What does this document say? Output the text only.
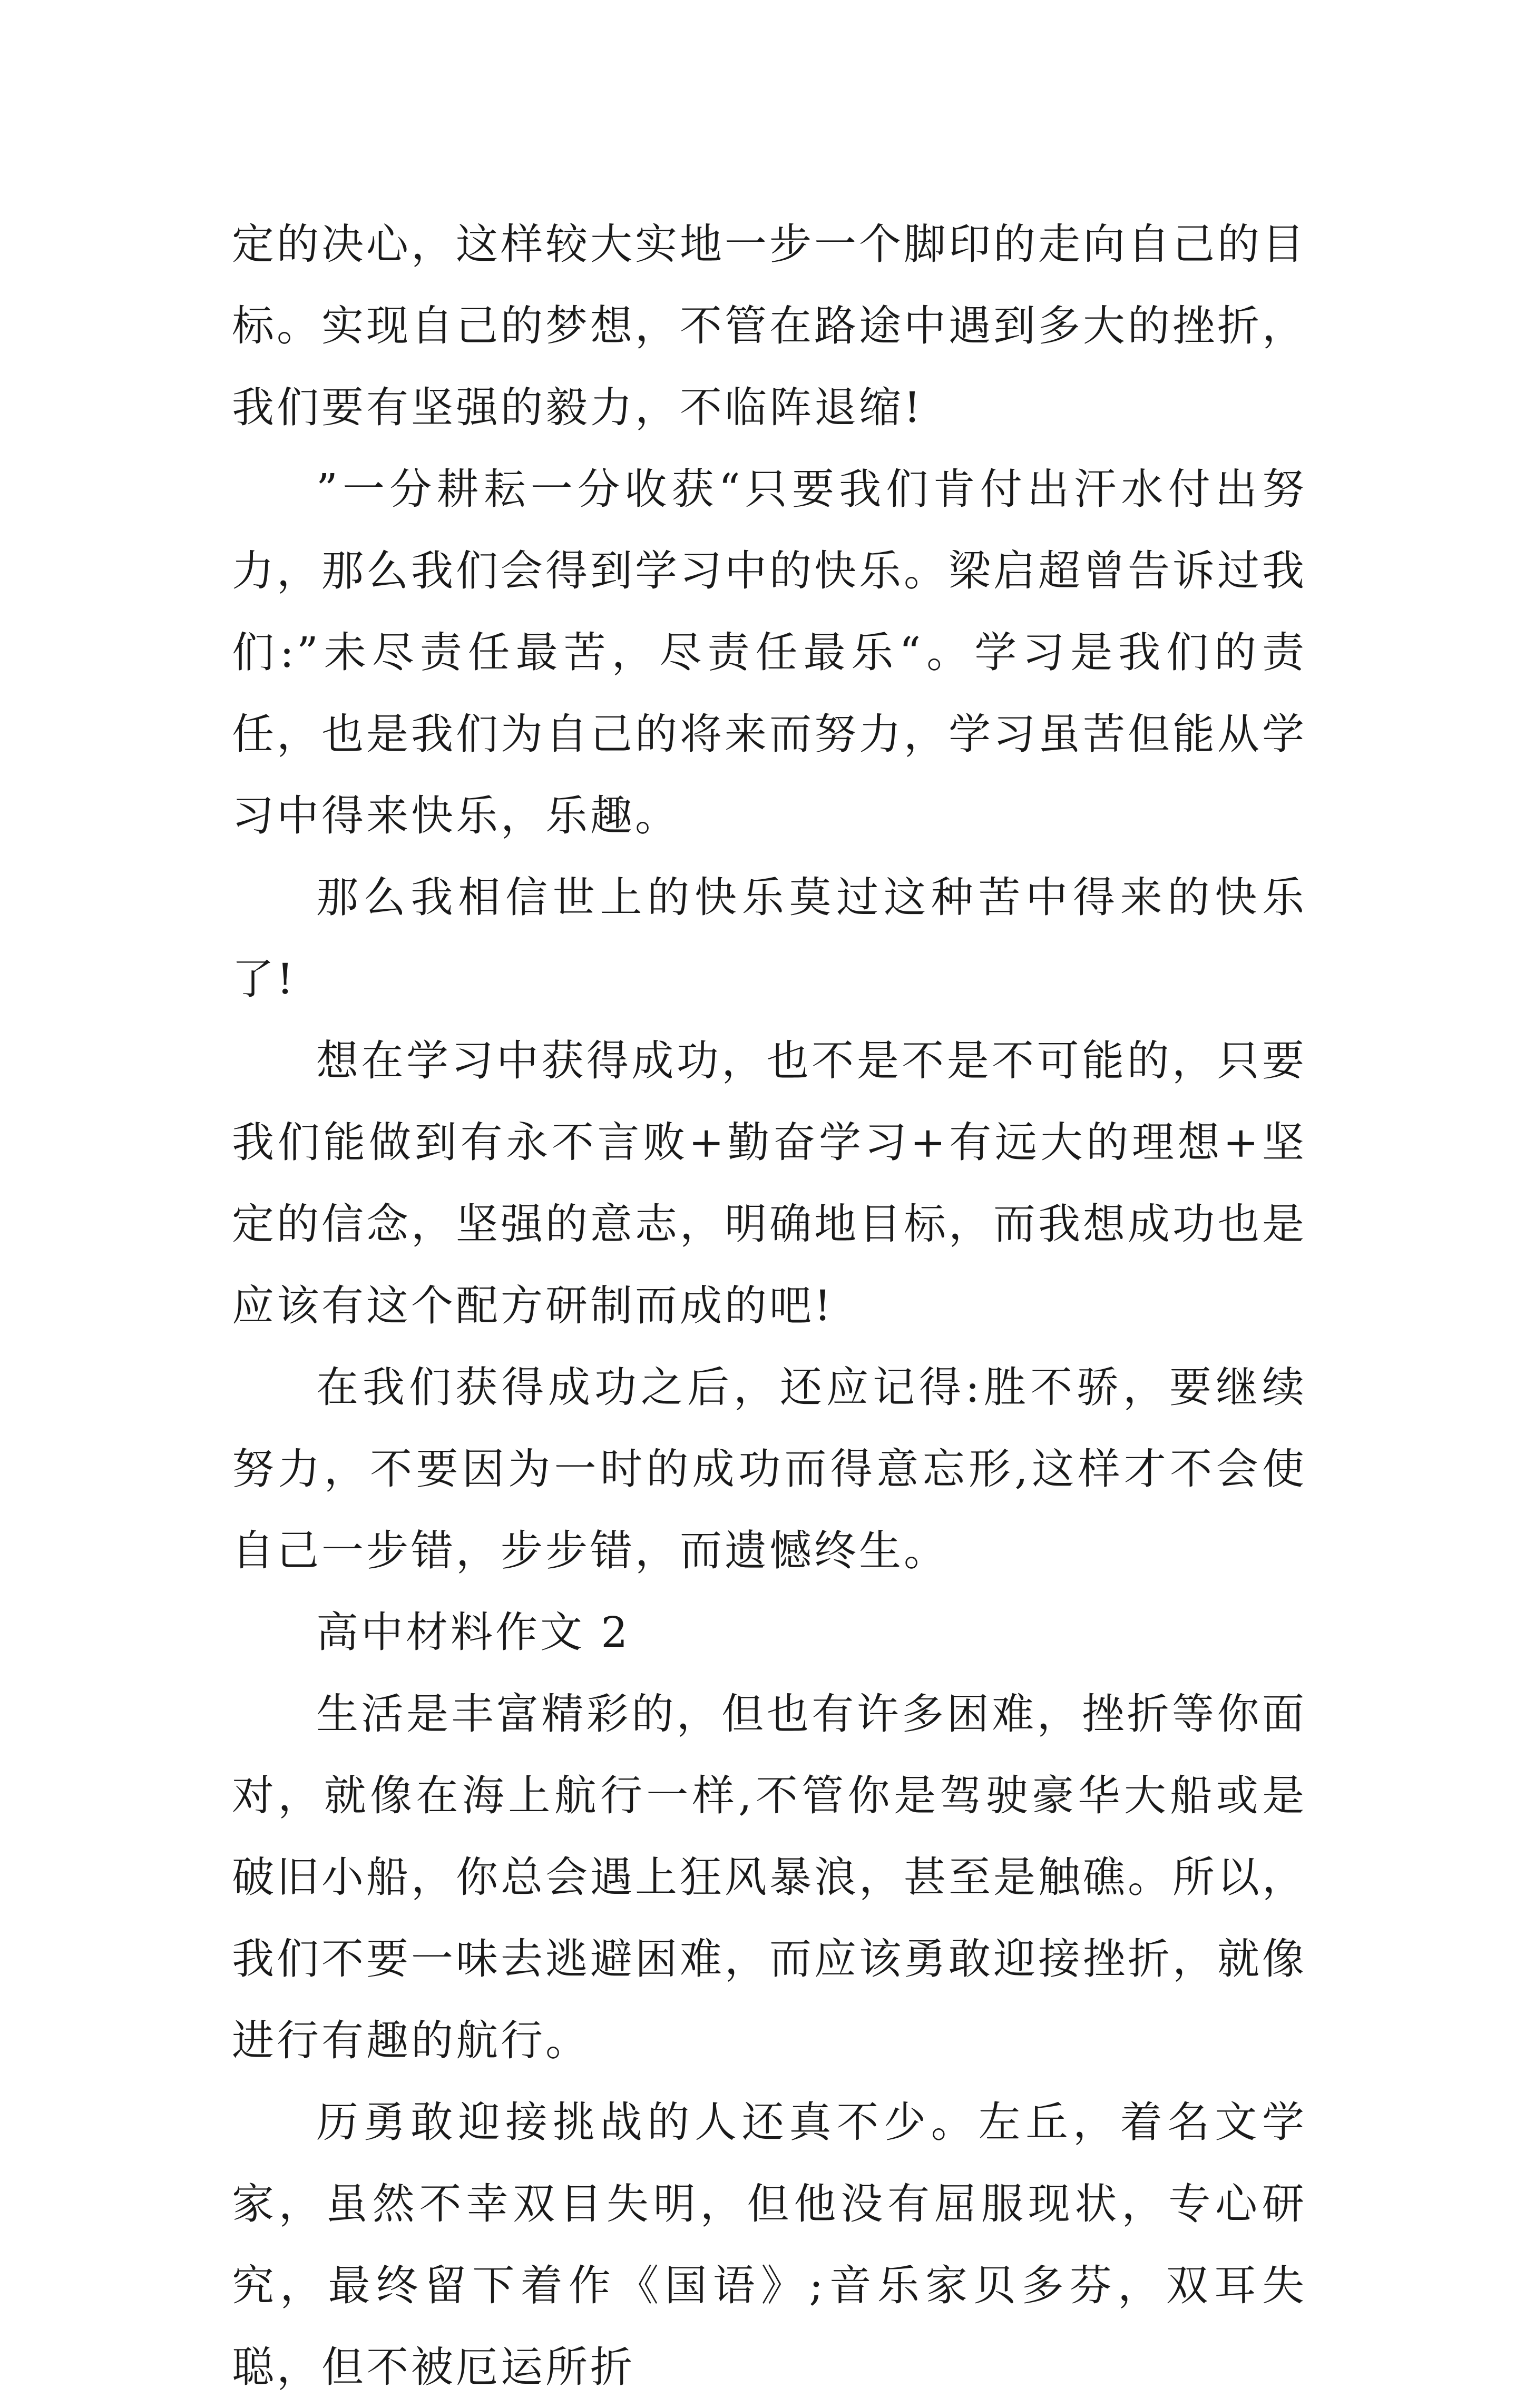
定的决心，这样较大实地一步一个脚印的走向自己的目标。实现自己的梦想，不管在路途中遇到多大的挫折，我们要有坚强的毅力，不临阵退缩!

”一分耕耘一分收获“只要我们肯付出汗水付出努力，那么我们会得到学习中的快乐。梁启超曾告诉过我们:”未尽责任最苦，尽责任最乐“。学习是我们的责任，也是我们为自己的将来而努力，学习虽苦但能从学习中得来快乐，乐趣。

那么我相信世上的快乐莫过这种苦中得来的快乐了!

想在学习中获得成功，也不是不是不可能的，只要我们能做到有永不言败+勤奋学习+有远大的理想+坚定的信念，坚强的意志，明确地目标，而我想成功也是应该有这个配方研制而成的吧!

在我们获得成功之后，还应记得:胜不骄，要继续努力，不要因为一时的成功而得意忘形,这样才不会使自己一步错，步步错，而遗憾终生。

高中材料作文 2

生活是丰富精彩的，但也有许多困难，挫折等你面对，就像在海上航行一样,不管你是驾驶豪华大船或是破旧小船，你总会遇上狂风暴浪，甚至是触礁。所以，我们不要一味去逃避困难，而应该勇敢迎接挫折，就像进行有趣的航行。

历勇敢迎接挑战的人还真不少。左丘，着名文学家，虽然不幸双目失明，但他没有屈服现状，专心研究，最终留下着作《国语》;音乐家贝多芬，双耳失聪，但不被厄运所折
